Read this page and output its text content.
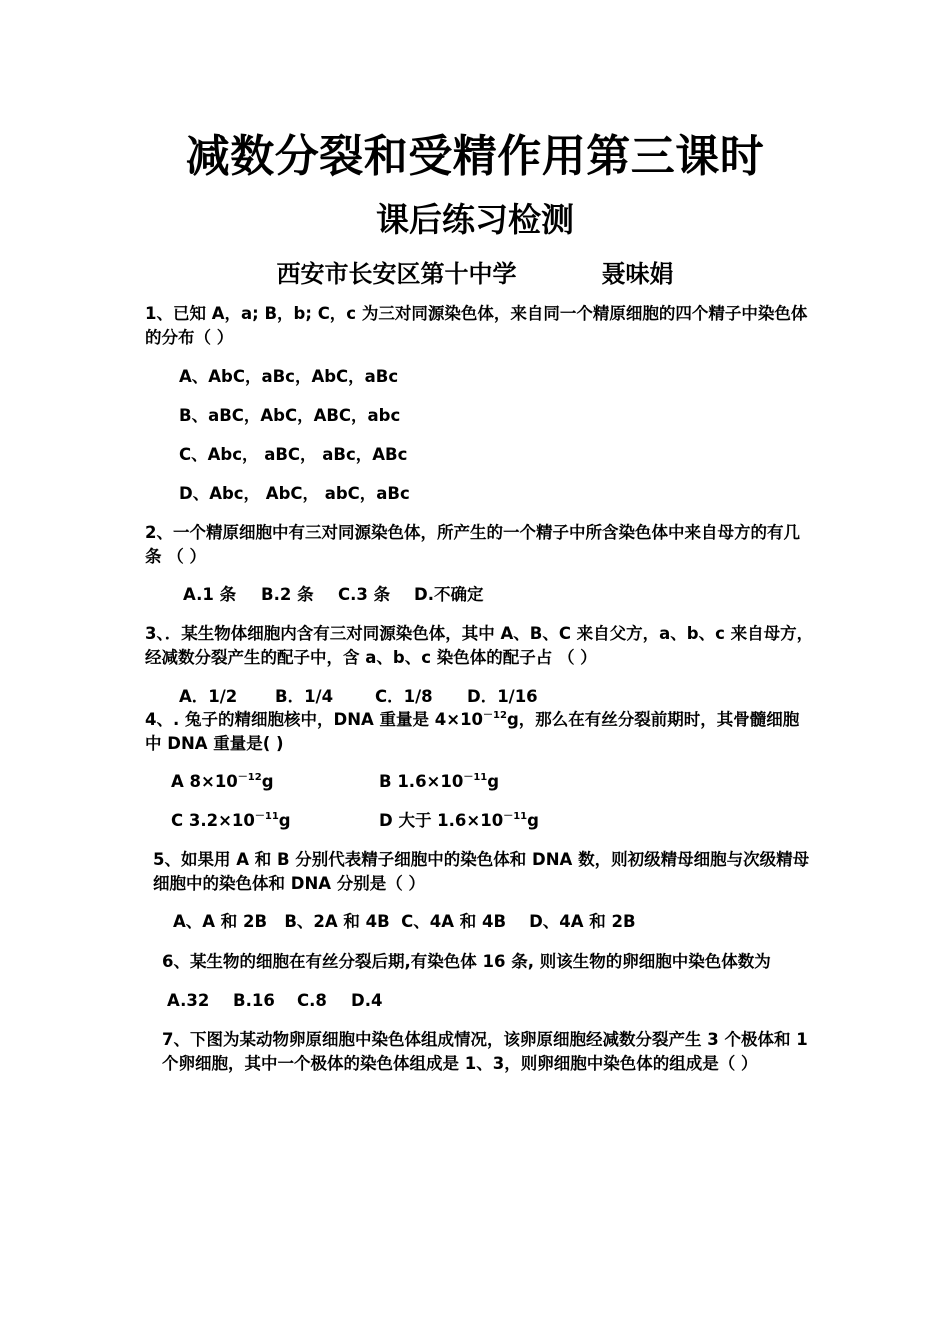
减数分裂和受精作用第三课时
课后练习检测
西安市长安区第十中学	聂味娟
1、已知 A，a; B，b; C，c 为三对同源染色体，来自同一个精原细胞的四个精子中染色体的分布（ ）
A、AbC，aBc，AbC，aBc
B、aBC，AbC，ABC，abc
C、Abc， aBC， aBc，ABc
D、Abc， AbC， abC，aBc
2、一个精原细胞中有三对同源染色体，所产生的一个精子中所含染色体中来自母方的有几条 （ ）
A.1 条 B.2 条 C.3 条 D.不确定
3、．某生物体细胞内含有三对同源染色体，其中 A、B、C 来自父方，a、b、c 来自母方，经减数分裂产生的配子中，含 a、b、c 染色体的配子占 （ ）
A．1/2 B．1/4	C．1/8 D．1/16
4、. 兔子的精细胞核中，DNA 重量是 $4\times 10^{-12}g$，那么在有丝分裂前期时，其骨髓细胞中 DNA 重量是( )
A $8\times 10^{-12}g$	B $1.6\times 10^{-11}g$
C $3.2\times 10^{-11}g$	D 大于 $1.6\times 10^{-11}g$
5、如果用 A 和 B 分别代表精子细胞中的染色体和 DNA 数，则初级精母细胞与次级精母细胞中的染色体和 DNA 分别是（ ）
A、A 和 2B   B、2A 和 4B  C、4A 和 4B    D、4A 和 2B
6、某生物的细胞在有丝分裂后期,有染色体 16 条, 则该生物的卵细胞中染色体数为
A.32 B.16 C.8 D.4
7、下图为某动物卵原细胞中染色体组成情况，该卵原细胞经减数分裂产生 3 个极体和 1 个卵细胞，其中一个极体的染色体组成是 1、3，则卵细胞中染色体的组成是（ ）
